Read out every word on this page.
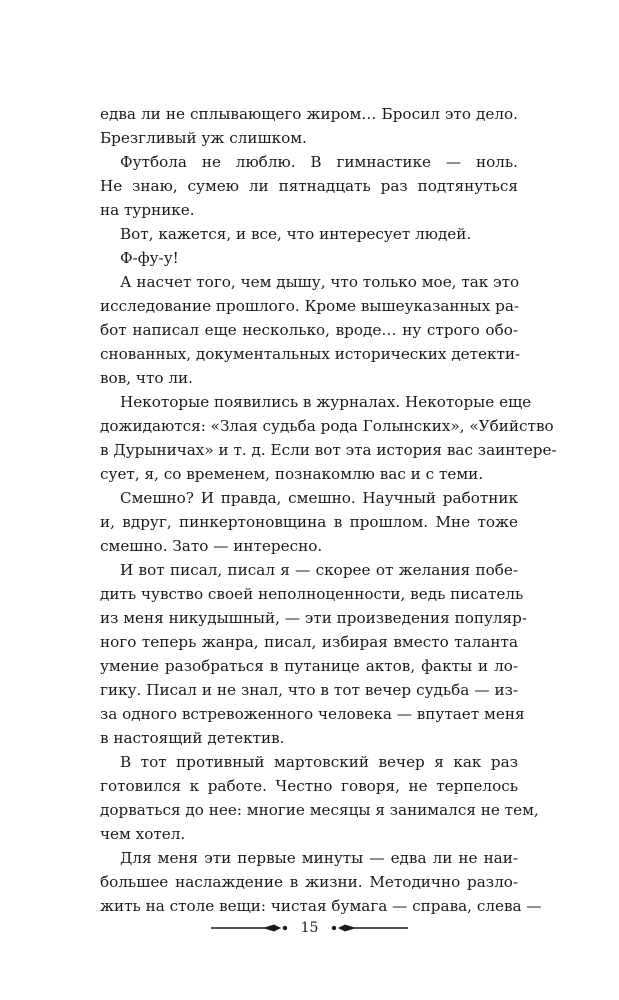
едва ли не сплывающего жиром… Бросил это дело.
Брезгливый уж слишком.
Футбола не люблю. В гимнастике — ноль.
Не знаю, сумею ли пятнадцать раз подтянуться
на турнике.
Вот, кажется, и все, что интересует людей.
Ф-фу-у!
А насчет того, чем дышу, что только мое, так это
исследование прошлого. Кроме вышеуказанных ра-
бот написал еще несколько, вроде… ну строго обо-
снованных, документальных исторических детекти-
вов, что ли.
Некоторые появились в журналах. Некоторые еще
дожидаются: «Злая судьба рода Голынских», «Убийство
в Дурыничах» и т. д. Если вот эта история вас заинтере-
сует, я, со временем, познакомлю вас и с теми.
Смешно? И правда, смешно. Научный работник
и, вдруг, пинкертоновщина в прошлом. Мне тоже
смешно. Зато — интересно.
И вот писал, писал я — скорее от желания побе-
дить чувство своей неполноценности, ведь писатель
из меня никудышный, — эти произведения популяр-
ного теперь жанра, писал, избирая вместо таланта
умение разобраться в путанице актов, факты и ло-
гику. Писал и не знал, что в тот вечер судьба — из-
за одного встревоженного человека — впутает меня
в настоящий детектив.
В тот противный мартовский вечер я как раз
готовился к работе. Честно говоря, не терпелось
дорваться до нее: многие месяцы я занимался не тем,
чем хотел.
Для меня эти первые минуты — едва ли не наи-
большее наслаждение в жизни. Методично разло-
жить на столе вещи: чистая бумага — справа, слева —
15
